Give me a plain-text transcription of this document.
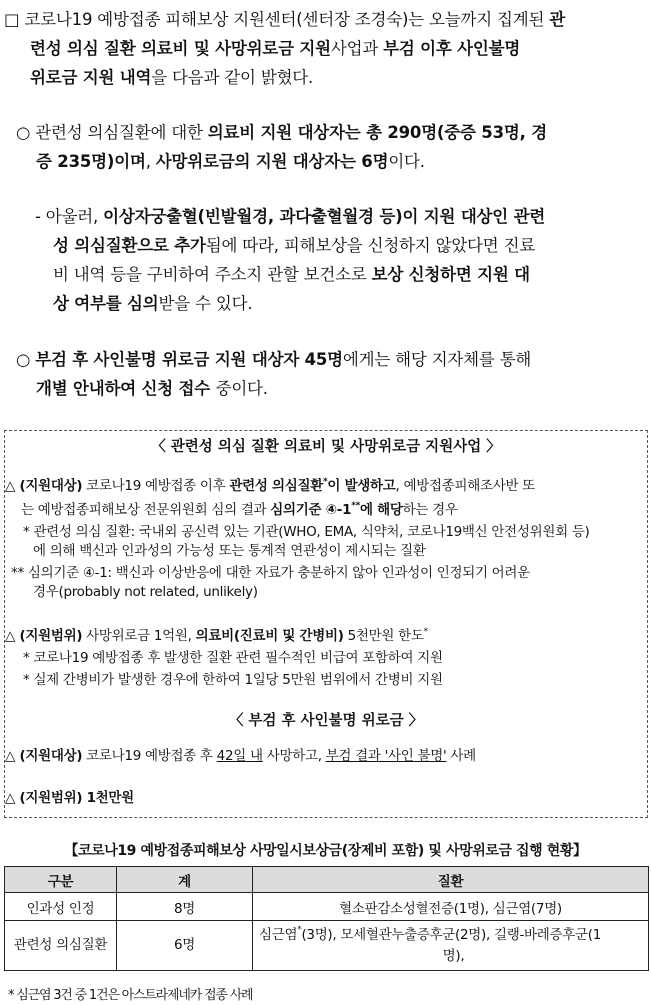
□ 코로나19 예방접종 피해보상 지원센터(센터장 조경숙)는 오늘까지 집계된 관
련성 의심 질환 의료비 및 사망위로금 지원사업과 부검 이후 사인불명
위로금 지원 내역을 다음과 같이 밝혔다.
○ 관련성 의심질환에 대한 의료비 지원 대상자는 총 290명(중증 53명, 경
증 235명)이며, 사망위로금의 지원 대상자는 6명이다.
- 아울러, 이상자궁출혈(빈발월경, 과다출혈월경 등)이 지원 대상인 관련
성 의심질환으로 추가됨에 따라, 피해보상을 신청하지 않았다면 진료
비 내역 등을 구비하여 주소지 관할 보건소로 보상 신청하면 지원 대
상 여부를 심의받을 수 있다.
○ 부검 후 사인불명 위로금 지원 대상자 45명에게는 해당 지자체를 통해
개별 안내하여 신청 접수 중이다.
〈 관련성 의심 질환 의료비 및 사망위로금 지원사업 〉
△ (지원대상) 코로나19 예방접종 이후 관련성 의심질환*이 발생하고, 예방접종피해조사반 또
는 예방접종피해보상 전문위원회 심의 결과 심의기준 ④-1**에 해당하는 경우
* 관련성 의심 질환: 국내외 공신력 있는 기관(WHO, EMA, 식약처, 코로나19백신 안전성위원회 등)
에 의해 백신과 인과성의 가능성 또는 통계적 연관성이 제시되는 질환
** 심의기준 ④-1: 백신과 이상반응에 대한 자료가 충분하지 않아 인과성이 인정되기 어려운
경우(probably not related, unlikely)
△ (지원범위) 사망위로금 1억원, 의료비(진료비 및 간병비) 5천만원 한도*
* 코로나19 예방접종 후 발생한 질환 관련 필수적인 비급여 포함하여 지원
* 실제 간병비가 발생한 경우에 한하여 1일당 5만원 범위에서 간병비 지원
〈 부검 후 사인불명 위로금 〉
△ (지원대상) 코로나19 예방접종 후 42일 내 사망하고, 부검 결과 '사인 불명' 사례
△ (지원범위) 1천만원
【코로나19 예방접종피해보상 사망일시보상금(장제비 포함) 및 사망위로금 집행 현황】
구분	계	질환
인과성 인정	8명	혈소판감소성혈전증(1명), 심근염(7명)
관련성 의심질환	6명	심근염*(3명), 모세혈관누출증후군(2명), 길랭-바레증후군(1

명),
* 심근염 3건 중 1건은 아스트라제네카 접종 사례
